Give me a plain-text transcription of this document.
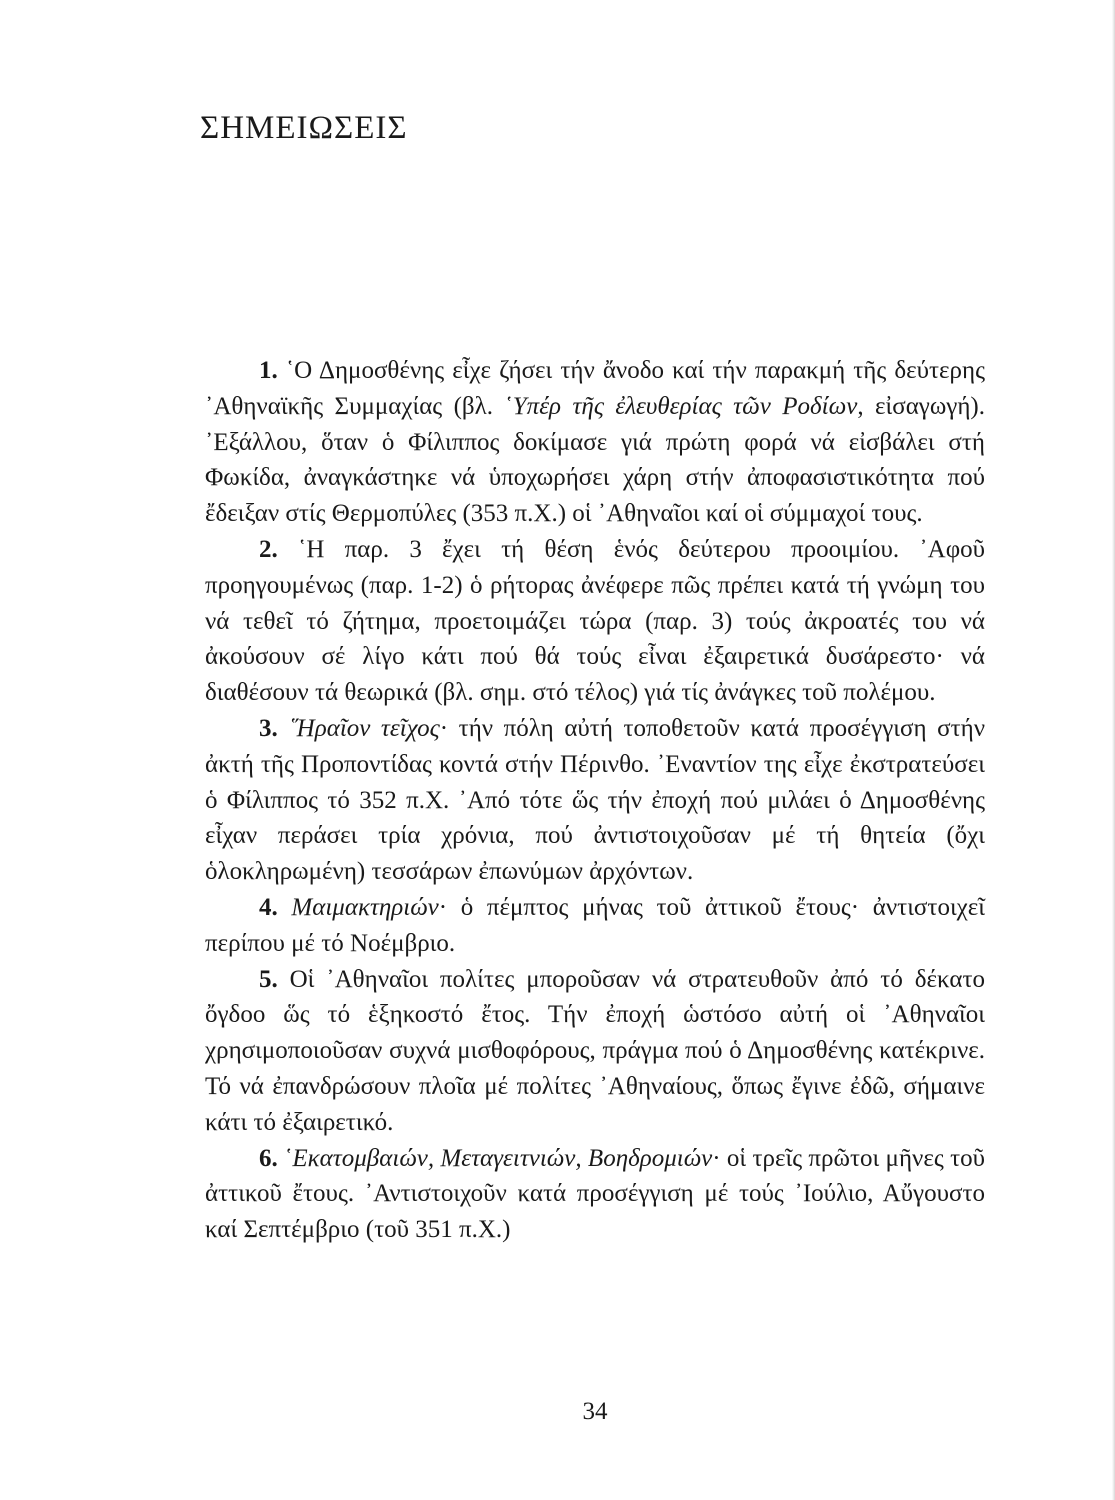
ΣΗΜΕΙΩΣΕΙΣ

1. ῾Ο Δημοσθένης εἶχε ζήσει τήν ἄνοδο καί τήν παρακμή τῆς δεύτερης ᾿Αθηναϊκῆς Συμμαχίας (βλ. ῾Υπέρ τῆς ἐλευθερίας τῶν Ροδίων, εἰσαγωγή). ᾿Εξάλλου, ὅταν ὁ Φίλιππος δοκίμασε γιά πρώτη φορά νά εἰσβάλει στή Φωκίδα, ἀναγκάστηκε νά ὑποχωρήσει χάρη στήν ἀποφασιστικότητα πού ἔδειξαν στίς Θερμοπύλες (353 π.Χ.) οἱ ᾿Αθηναῖοι καί οἱ σύμμαχοί τους.

2. ῾Η παρ. 3 ἔχει τή θέση ἑνός δεύτερου προοιμίου. ᾿Αφοῦ προηγουμένως (παρ. 1-2) ὁ ρήτορας ἀνέφερε πῶς πρέπει κατά τή γνώμη του νά τεθεῖ τό ζήτημα, προετοιμάζει τώρα (παρ. 3) τούς ἀκροατές του νά ἀκούσουν σέ λίγο κάτι πού θά τούς εἶναι ἐξαιρετικά δυσάρεστο· νά διαθέσουν τά θεωρικά (βλ. σημ. στό τέλος) γιά τίς ἀνάγκες τοῦ πολέμου.

3. ῞Ηραῖον τεῖχος· τήν πόλη αὐτή τοποθετοῦν κατά προσέγγιση στήν ἀκτή τῆς Προποντίδας κοντά στήν Πέρινθο. ᾿Εναντίον της εἶχε ἐκστρατεύσει ὁ Φίλιππος τό 352 π.Χ. ᾿Από τότε ὥς τήν ἐποχή πού μιλάει ὁ Δημοσθένης εἶχαν περάσει τρία χρόνια, πού ἀντιστοιχοῦσαν μέ τή θητεία (ὄχι ὁλοκληρωμένη) τεσσάρων ἐπωνύμων ἀρχόντων.

4. Μαιμακτηριών· ὁ πέμπτος μήνας τοῦ ἀττικοῦ ἔτους· ἀντιστοιχεῖ περίπου μέ τό Νοέμβριο.

5. Οἱ ᾿Αθηναῖοι πολίτες μποροῦσαν νά στρατευθοῦν ἀπό τό δέκατο ὄγδοο ὥς τό ἑξηκοστό ἔτος. Τήν ἐποχή ὡστόσο αὐτή οἱ ᾿Αθηναῖοι χρησιμοποιοῦσαν συχνά μισθοφόρους, πράγμα πού ὁ Δημοσθένης κατέκρινε. Τό νά ἐπανδρώσουν πλοῖα μέ πολίτες ᾿Αθηναίους, ὅπως ἔγινε ἐδῶ, σήμαινε κάτι τό ἐξαιρετικό.

6. ῾Εκατομβαιών, Μεταγειτνιών, Βοηδρομιών· οἱ τρεῖς πρῶτοι μῆνες τοῦ ἀττικοῦ ἔτους. ᾿Αντιστοιχοῦν κατά προσέγγιση μέ τούς ᾿Ιούλιο, Αὔγουστο καί Σεπτέμβριο (τοῦ 351 π.Χ.)

34
